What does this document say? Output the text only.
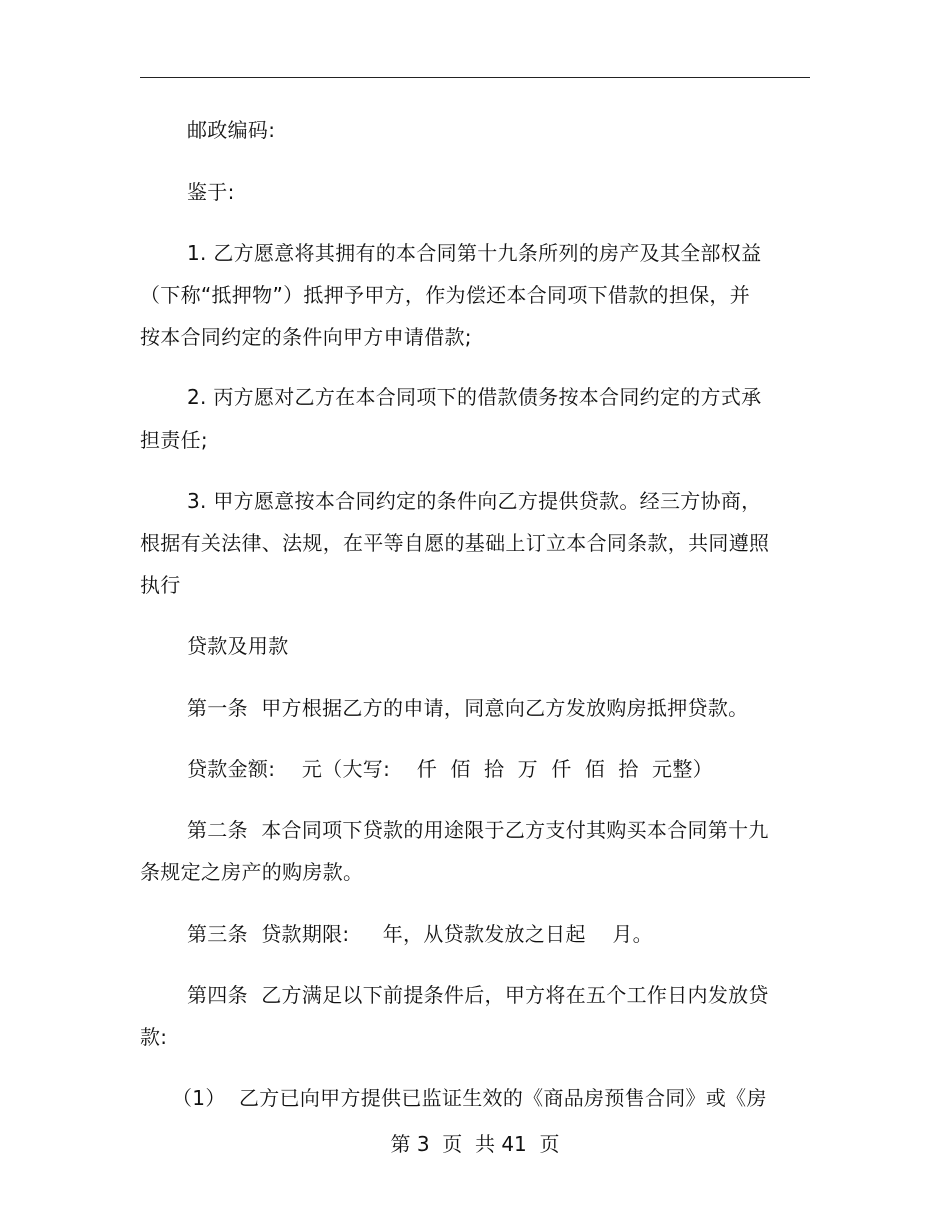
邮政编码:
鉴于:
1. 乙方愿意将其拥有的本合同第十九条所列的房产及其全部权益
（下称“抵押物”）抵押予甲方，作为偿还本合同项下借款的担保，并
按本合同约定的条件向甲方申请借款;
2. 丙方愿对乙方在本合同项下的借款债务按本合同约定的方式承
担责任;
3. 甲方愿意按本合同约定的条件向乙方提供贷款。经三方协商，
根据有关法律、法规，在平等自愿的基础上订立本合同条款，共同遵照
执行
贷款及用款
第一条  甲方根据乙方的申请，同意向乙方发放购房抵押贷款。
贷款金额:    元（大写:    仟  佰  拾  万  仟  佰  拾  元整）
第二条  本合同项下贷款的用途限于乙方支付其购买本合同第十九
条规定之房产的购房款。
第三条  贷款期限:     年，从贷款发放之日起    月。
第四条  乙方满足以下前提条件后，甲方将在五个工作日内发放贷
款:
（1）  乙方已向甲方提供已监证生效的《商品房预售合同》或《房
第 3  页  共 41  页
